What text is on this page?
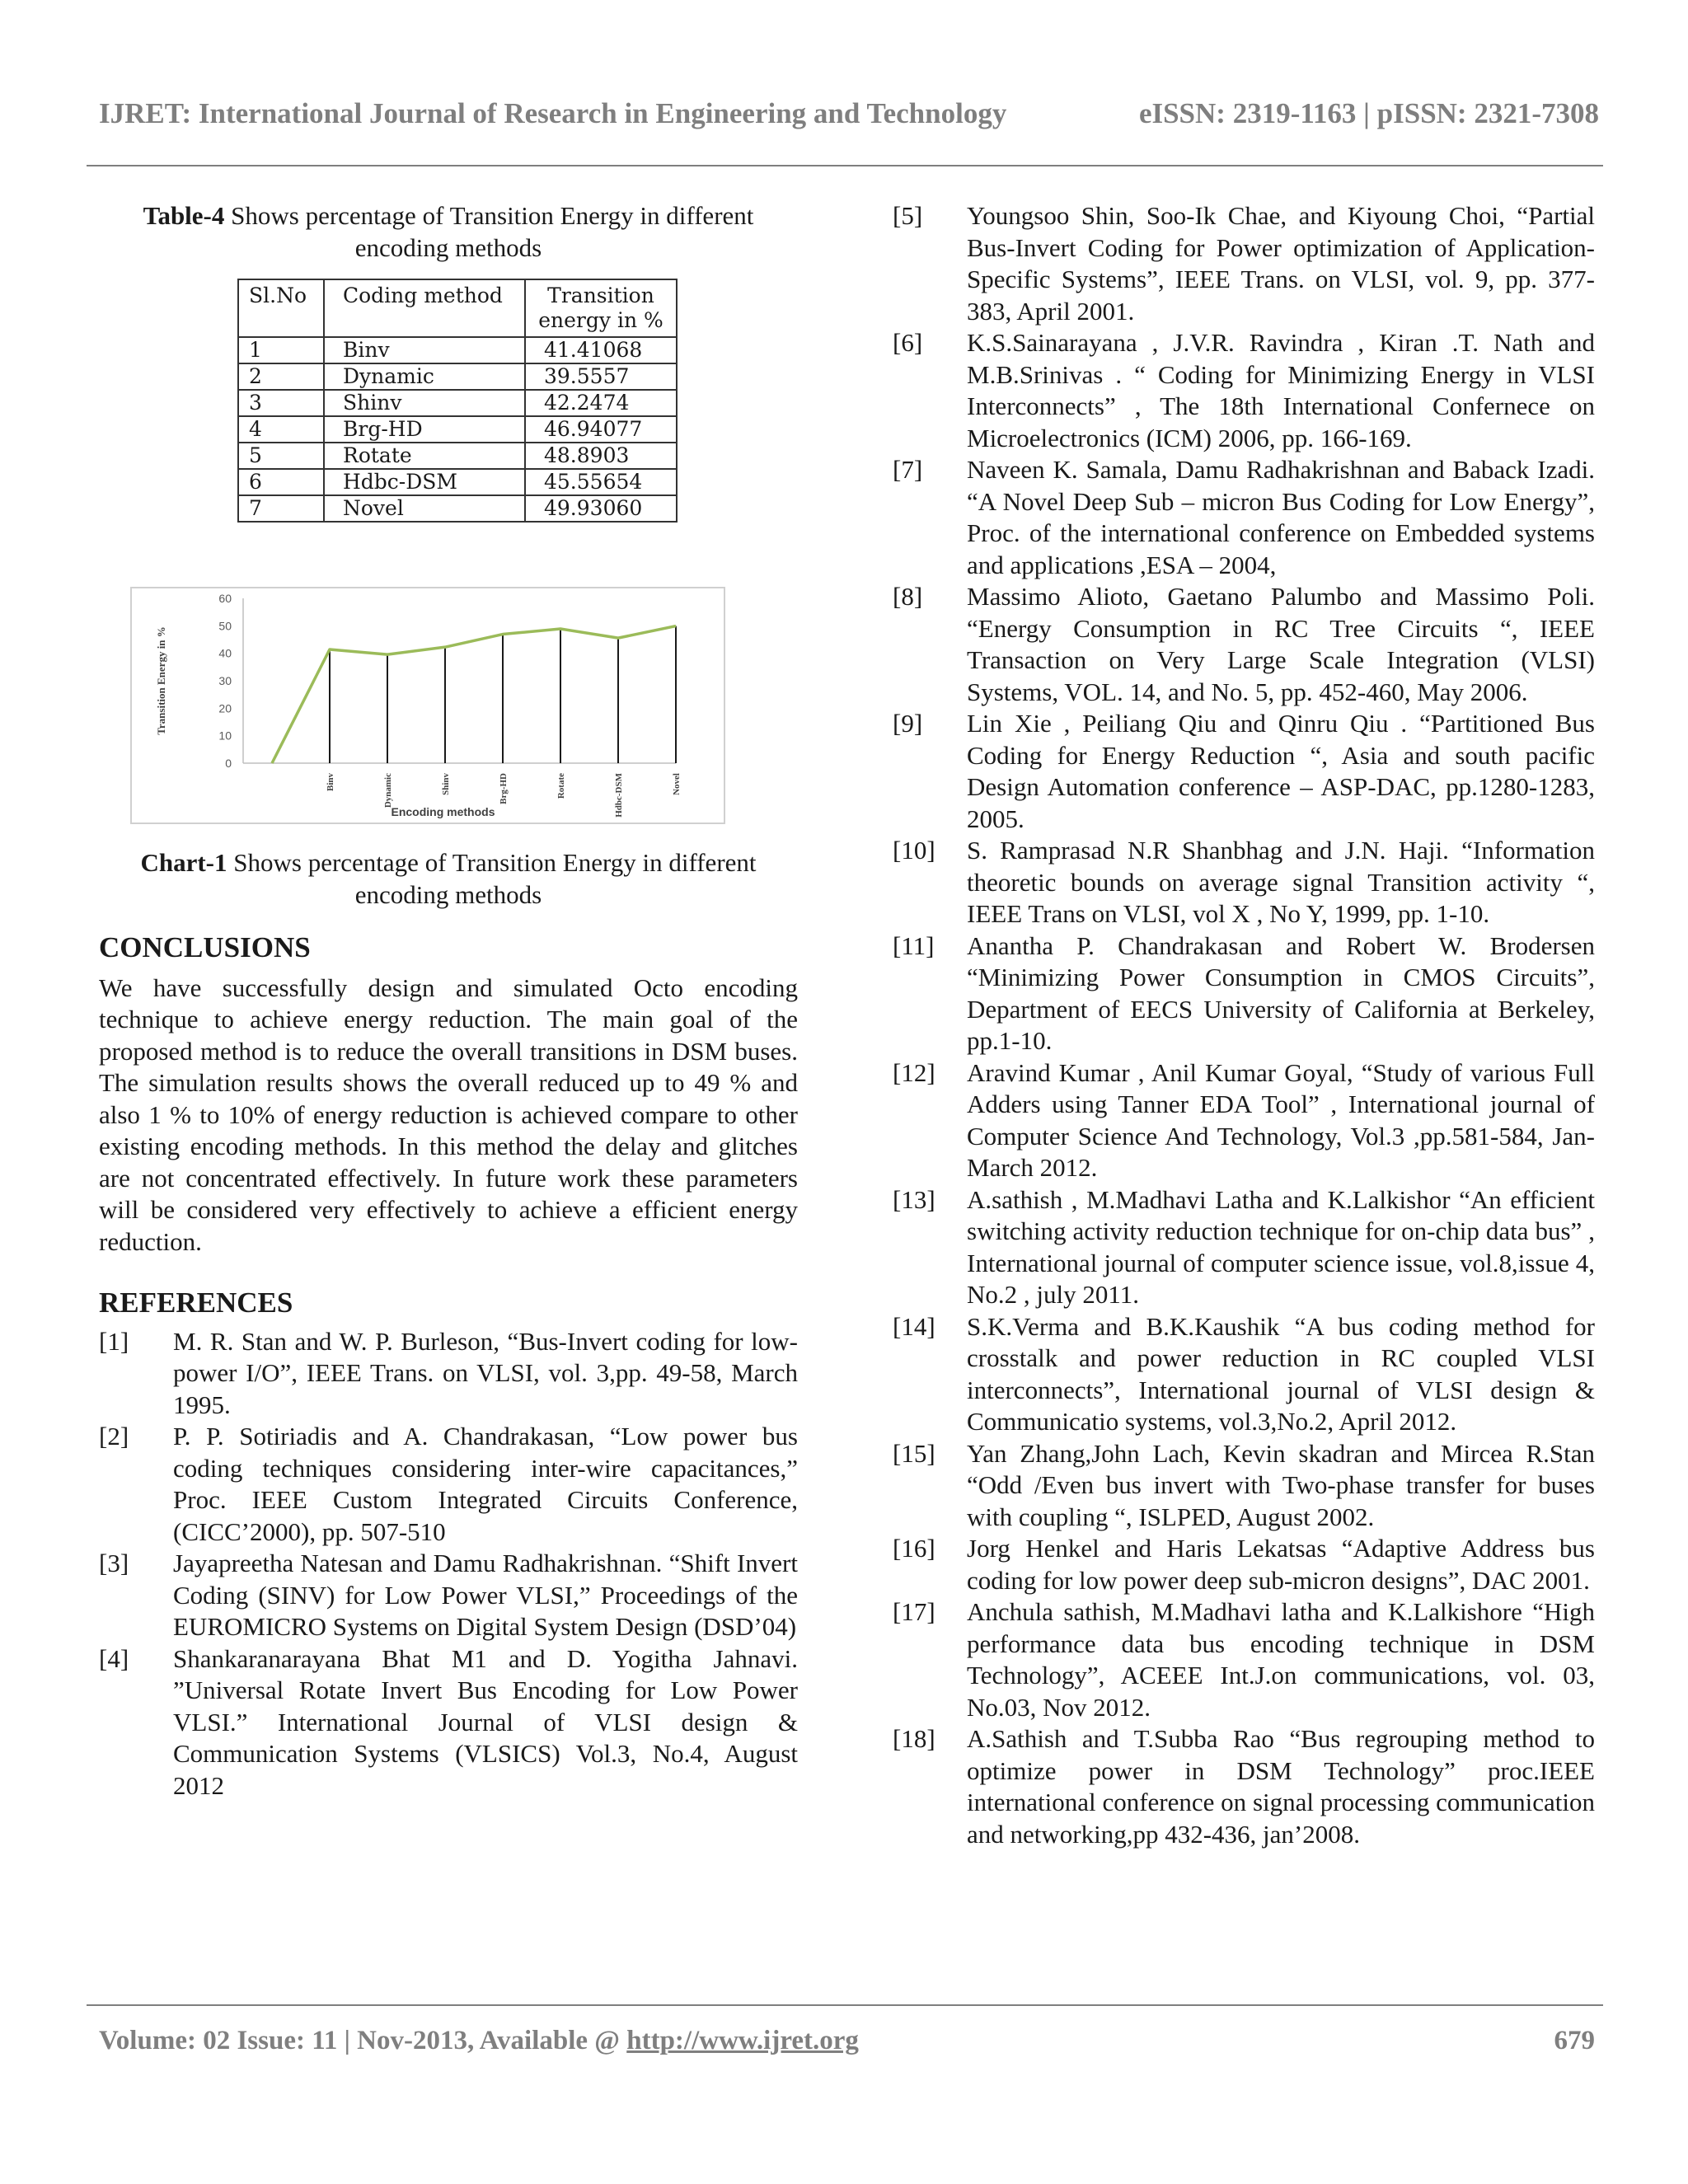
IJRET: International Journal of Research in Engineering and Technology	eISSN: 2319-1163 | pISSN: 2321-7308

Table-4 Shows percentage of Transition Energy in different encoding methods

Sl.No	Coding method	Transition energy in %
1	Binv	41.41068
2	Dynamic	39.5557
3	Shinv	42.2474
4	Brg-HD	46.94077
5	Rotate	48.8903
6	Hdbc-DSM	45.55654
7	Novel	49.93060
0
10
20
30
40
50
60
Binv	Dynamic	Shinv	Brg-HD	Rotate	Hdbc-DSM	Novel
Encoding methods
Transition Energy in %

Chart-1 Shows percentage of Transition Energy in different encoding methods

CONCLUSIONS

We have successfully design and simulated Octo encoding technique to achieve energy reduction. The main goal of the proposed method is to reduce the overall transitions in DSM buses. The simulation results shows the overall reduced up to 49 % and also 1 % to 10% of energy reduction is achieved compare to other existing encoding methods. In this method the delay and glitches are not concentrated effectively. In future work these parameters will be considered very effectively to achieve a efficient energy reduction.

REFERENCES
[1] M. R. Stan and W. P. Burleson, “Bus-Invert coding for low-power I/O”, IEEE Trans. on VLSI, vol. 3,pp. 49-58, March 1995.
[2] P. P. Sotiriadis and A. Chandrakasan, “Low power bus coding techniques considering inter-wire capacitances,” Proc. IEEE Custom Integrated Circuits Conference, (CICC’2000), pp. 507-510
[3] Jayapreetha Natesan and Damu Radhakrishnan. “Shift Invert Coding (SINV) for Low Power VLSI,” Proceedings of the EUROMICRO Systems on Digital System Design (DSD’04)
[4] Shankaranarayana Bhat M1 and D. Yogitha Jahnavi. ”Universal Rotate Invert Bus Encoding for Low Power VLSI.” International Journal of VLSI design & Communication Systems (VLSICS) Vol.3, No.4, August 2012
[5] Youngsoo Shin, Soo-Ik Chae, and Kiyoung Choi, “Partial Bus-Invert Coding for Power optimization of Application-Specific Systems”, IEEE Trans. on VLSI, vol. 9, pp. 377-383, April 2001.
[6] K.S.Sainarayana , J.V.R. Ravindra , Kiran .T. Nath and M.B.Srinivas . “ Coding for Minimizing Energy in VLSI Interconnects” , The 18th International Confernece on Microelectronics (ICM) 2006, pp. 166-169.
[7] Naveen K. Samala, Damu Radhakrishnan and Baback Izadi. “A Novel Deep Sub – micron Bus Coding for Low Energy”, Proc. of the international conference on Embedded systems and applications ,ESA – 2004,
[8] Massimo Alioto, Gaetano Palumbo and Massimo Poli. “Energy Consumption in RC Tree Circuits “, IEEE Transaction on Very Large Scale Integration (VLSI) Systems, VOL. 14, and No. 5, pp. 452-460, May 2006.
[9] Lin Xie , Peiliang Qiu and Qinru Qiu . “Partitioned Bus Coding for Energy Reduction “, Asia and south pacific Design Automation conference – ASP-DAC, pp.1280-1283, 2005.
[10] S. Ramprasad N.R Shanbhag and J.N. Haji. “Information theoretic bounds on average signal Transition activity “, IEEE Trans on VLSI, vol X , No Y, 1999, pp. 1-10.
[11] Anantha P. Chandrakasan and Robert W. Brodersen “Minimizing Power Consumption in CMOS Circuits”, Department of EECS University of California at Berkeley, pp.1-10.
[12] Aravind Kumar , Anil Kumar Goyal, “Study of various Full Adders using Tanner EDA Tool” , International journal of Computer Science And Technology, Vol.3 ,pp.581-584, Jan- March 2012.
[13] A.sathish , M.Madhavi Latha and K.Lalkishor “An efficient switching activity reduction technique for on-chip data bus” , International journal of computer science issue, vol.8,issue 4, No.2 , july 2011.
[14] S.K.Verma and B.K.Kaushik “A bus coding method for crosstalk and power reduction in RC coupled VLSI interconnects”, International journal of VLSI design & Communicatio systems, vol.3,No.2, April 2012.
[15] Yan Zhang,John Lach, Kevin skadran and Mircea R.Stan “Odd /Even bus invert with Two-phase transfer for buses with coupling “, ISLPED, August 2002.
[16] Jorg Henkel and Haris Lekatsas “Adaptive Address bus coding for low power deep sub-micron designs”, DAC 2001.
[17] Anchula sathish, M.Madhavi latha and K.Lalkishore “High performance data bus encoding technique in DSM Technology”, ACEEE Int.J.on communications, vol. 03, No.03, Nov 2012.
[18] A.Sathish and T.Subba Rao “Bus regrouping method to optimize power in DSM Technology” proc.IEEE international conference on signal processing communication and networking,pp 432-436, jan’2008.
Volume: 02 Issue: 11 | Nov-2013, Available @ http://www.ijret.org	679
